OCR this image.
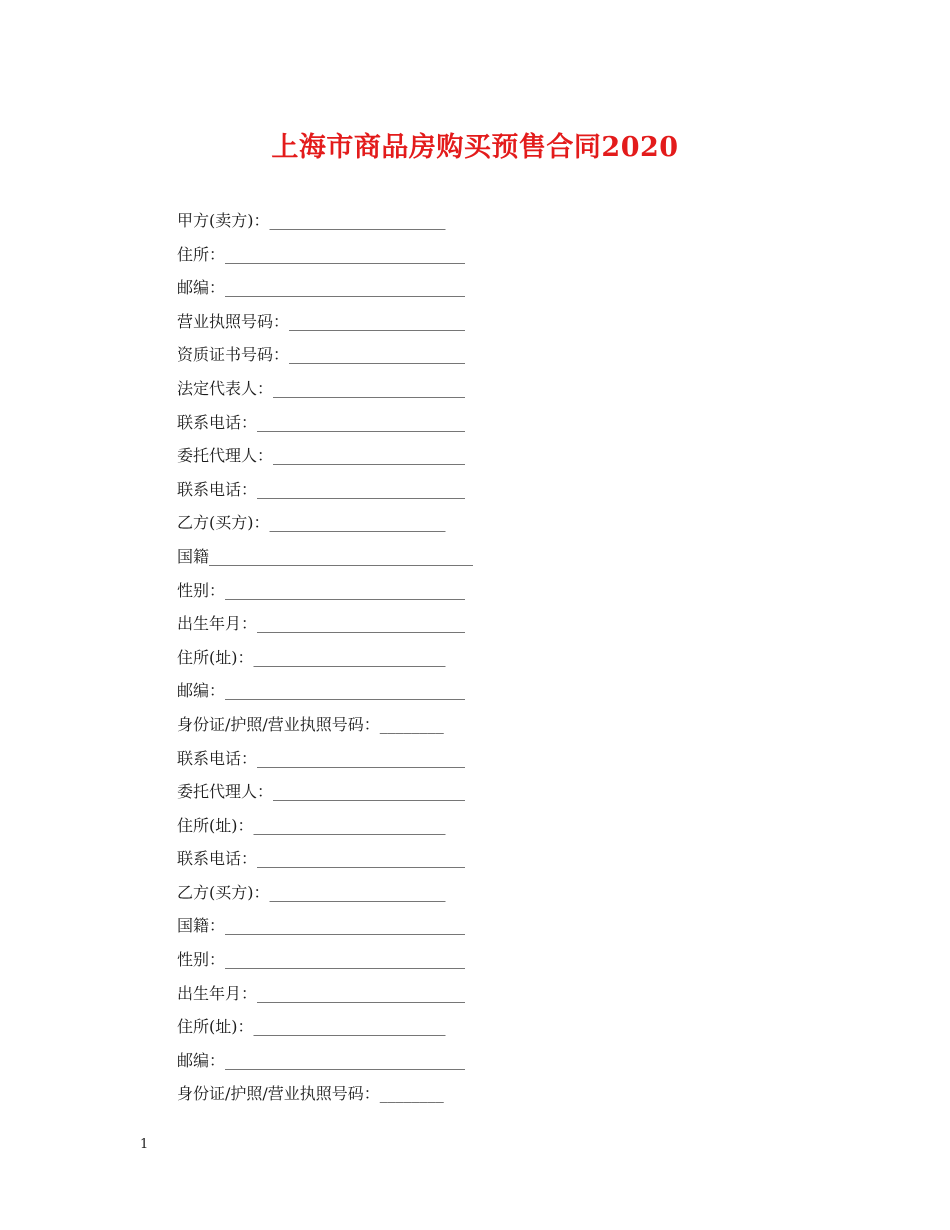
上海市商品房购买预售合同2020
甲方(卖方)： ______________________
住所： ______________________________
邮编： ______________________________
营业执照号码： ______________________
资质证书号码： ______________________
法定代表人： ________________________
联系电话： __________________________
委托代理人： ________________________
联系电话： __________________________
乙方(买方)： ______________________
国籍 _________________________________
性别： ______________________________
出生年月： __________________________
住所(址)： ________________________
邮编： ______________________________
身份证/护照/营业执照号码： ________
联系电话： __________________________
委托代理人： ________________________
住所(址)： ________________________
联系电话： __________________________
乙方(买方)： ______________________
国籍： ______________________________
性别： ______________________________
出生年月： __________________________
住所(址)： ________________________
邮编： ______________________________
身份证/护照/营业执照号码： ________
1
